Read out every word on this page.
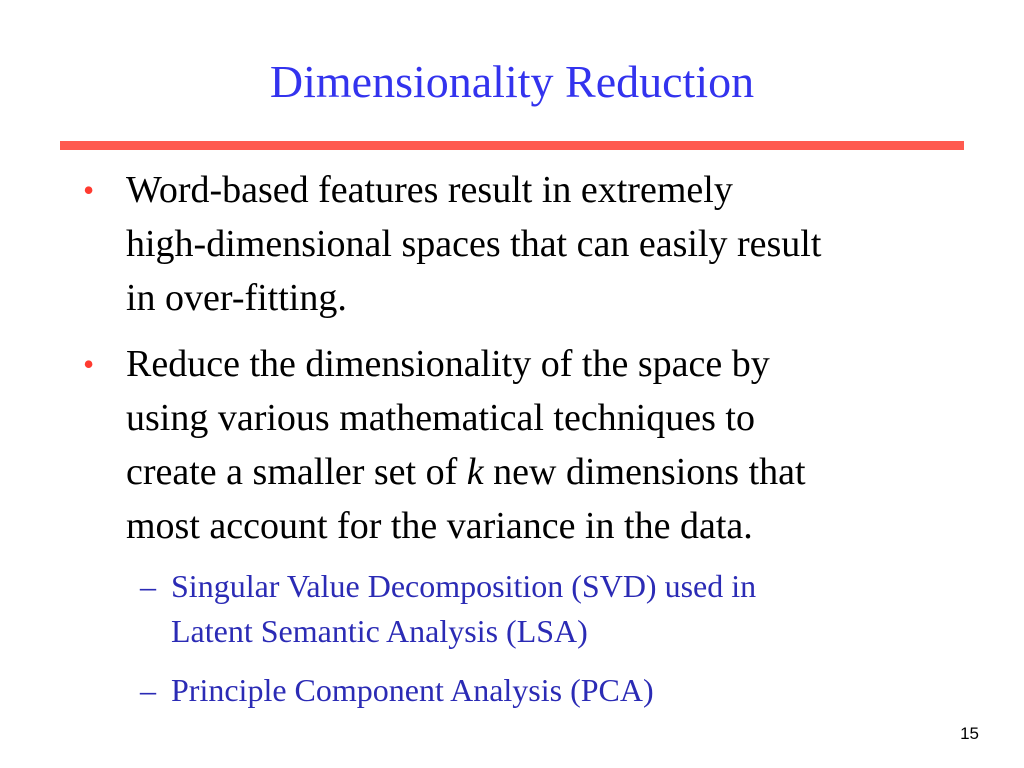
Dimensionality Reduction
• Word-based features result in extremely
high-dimensional spaces that can easily result
in over-fitting.
• Reduce the dimensionality of the space by
using various mathematical techniques to
create a smaller set of k new dimensions that
most account for the variance in the data.
– Singular Value Decomposition (SVD) used in
Latent Semantic Analysis (LSA)
– Principle Component Analysis (PCA)
15
